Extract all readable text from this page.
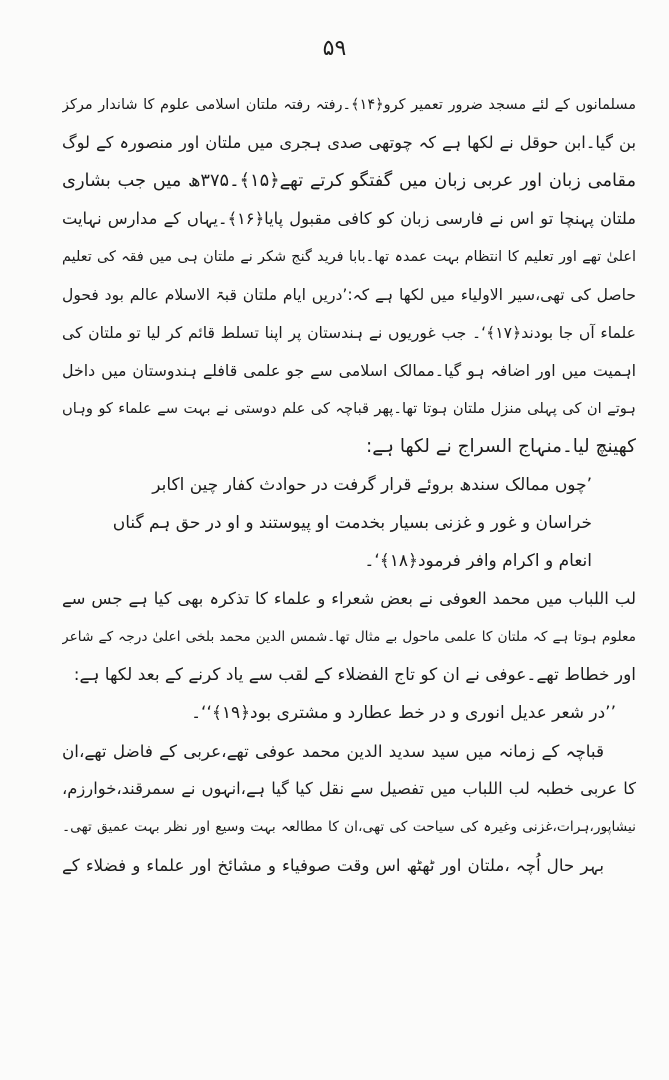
۵۹
مسلمانوں کے لئے مسجد ضرور تعمیر کرو﴿۱۴﴾۔رفتہ رفتہ ملتان اسلامی علوم کا شاندار مرکز
بن گیا۔ابن حوقل نے لکھا ہے کہ چوتھی صدی ہجری میں ملتان اور منصورہ کے لوگ
مقامی زبان اور عربی زبان میں گفتگو کرتے تھے﴿۱۵﴾۔۳۷۵ھ میں جب بشاری
ملتان پہنچا تو اس نے فارسی زبان کو کافی مقبول پایا﴿۱۶﴾۔یہاں کے مدارس نہایت
اعلیٰ تھے اور تعلیم کا انتظام بہت عمدہ تھا۔بابا فرید گنج شکر نے ملتان ہی میں فقہ کی تعلیم
حاصل کی تھی،سیر الاولیاء میں لکھا ہے کہ:’دریں ایام ملتان قبۃ الاسلام عالم بود فحول
علماء آں جا بودند﴿۱۷﴾‘۔ جب غوریوں نے ہندستان پر اپنا تسلط قائم کر لیا تو ملتان کی
اہمیت میں اور اضافہ ہو گیا۔ممالک اسلامی سے جو علمی قافلے ہندوستان میں داخل
ہوتے ان کی پہلی منزل ملتان ہوتا تھا۔پھر قباچہ کی علم دوستی نے بہت سے علماء کو وہاں
کھینچ لیا۔منہاج السراج نے لکھا ہے:
’چوں ممالک سندھ بروئے قرار گرفت در حوادث کفار چین اکابر
خراسان و غور و غزنی بسیار بخدمت او پیوستند و او در حق ہم گناں
انعام و اکرام وافر فرمود﴿۱۸﴾‘۔
لب اللباب میں محمد العوفی نے بعض شعراء و علماء کا تذکرہ بھی کیا ہے جس سے
معلوم ہوتا ہے کہ ملتان کا علمی ماحول بے مثال تھا۔شمس الدین محمد بلخی اعلیٰ درجہ کے شاعر
اور خطاط تھے۔عوفی نے ان کو تاج الفضلاء کے لقب سے یاد کرنے کے بعد لکھا ہے:
’’در شعر عدیل انوری و در خط عطارد و مشتری بود﴿۱۹﴾‘‘۔
قباچہ کے زمانہ میں سید سدید الدین محمد عوفی تھے،عربی کے فاضل تھے،ان
کا عربی خطبہ لب اللباب میں تفصیل سے نقل کیا گیا ہے،انہوں نے سمرقند،خوارزم،
نیشاپور،ہرات،غزنی وغیرہ کی سیاحت کی تھی،ان کا مطالعہ بہت وسیع اور نظر بہت عمیق تھی۔
بہر حال اُچہ ،ملتان اور ٹھٹھ اس وقت صوفیاء و مشائخ اور علماء و فضلاء کے
